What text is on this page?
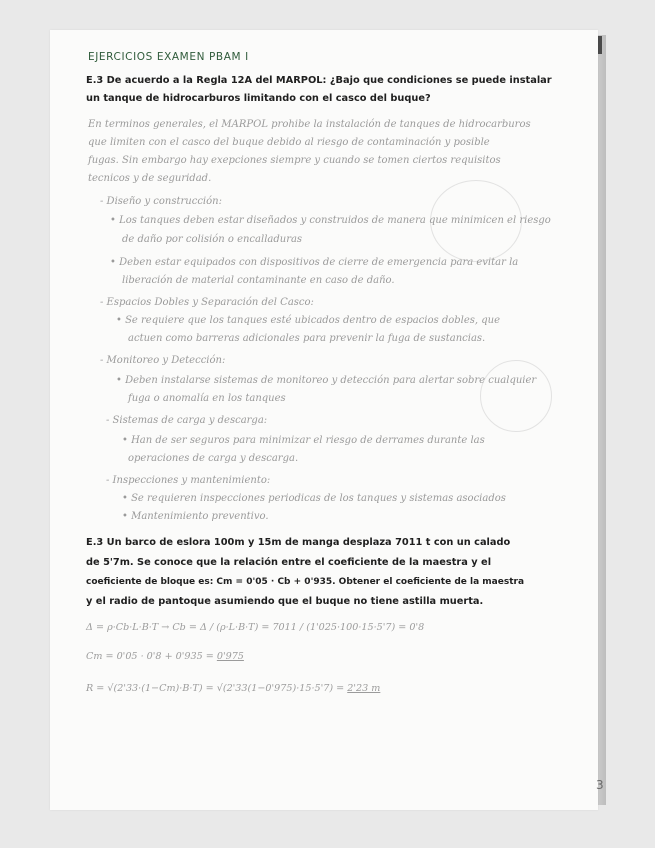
EJERCICIOS EXAMEN PBAM I
E.3 De acuerdo a la Regla 12A del MARPOL: ¿Bajo que condiciones se puede instalar
un tanque de hidrocarburos limitando con el casco del buque?
En terminos generales, el MARPOL prohibe la instalación de tanques de hidrocarburos
que limiten con el casco del buque debido al riesgo de contaminación y posible
fugas. Sin embargo hay exepciones siempre y cuando se tomen ciertos requisitos
tecnicos y de seguridad.
- Diseño y construcción:
• Los tanques deben estar diseñados y construidos de manera que minimicen el riesgo
de daño por colisión o encalladuras
• Deben estar equipados con dispositivos de cierre de emergencia para evitar la
liberación de material contaminante en caso de daño.
- Espacios Dobles y Separación del Casco:
• Se requiere que los tanques esté ubicados dentro de espacios dobles, que
actuen como barreras adicionales para prevenir la fuga de sustancias.
- Monitoreo y Detección:
• Deben instalarse sistemas de monitoreo y detección para alertar sobre cualquier
fuga o anomalía en los tanques
- Sistemas de carga y descarga:
• Han de ser seguros para minimizar el riesgo de derrames durante las
operaciones de carga y descarga.
- Inspecciones y mantenimiento:
• Se requieren inspecciones periodicas de los tanques y sistemas asociados
• Mantenimiento preventivo.
E.3 Un barco de eslora 100m y 15m de manga desplaza 7011 t con un calado
de 5'7m. Se conoce que la relación entre el coeficiente de la maestra y el
coeficiente de bloque es: Cm = 0'05 · Cb + 0'935. Obtener el coeficiente de la maestra
y el radio de pantoque asumiendo que el buque no tiene astilla muerta.
Δ = ρ·Cb·L·B·T → Cb = Δ / (ρ·L·B·T) = 7011 / (1'025·100·15·5'7) = 0'8
Cm = 0'05 · 0'8 + 0'935 = 0'975
R = √(2'33·(1−Cm)·B·T) = √(2'33(1−0'975)·15·5'7) = 2'23 m
3
